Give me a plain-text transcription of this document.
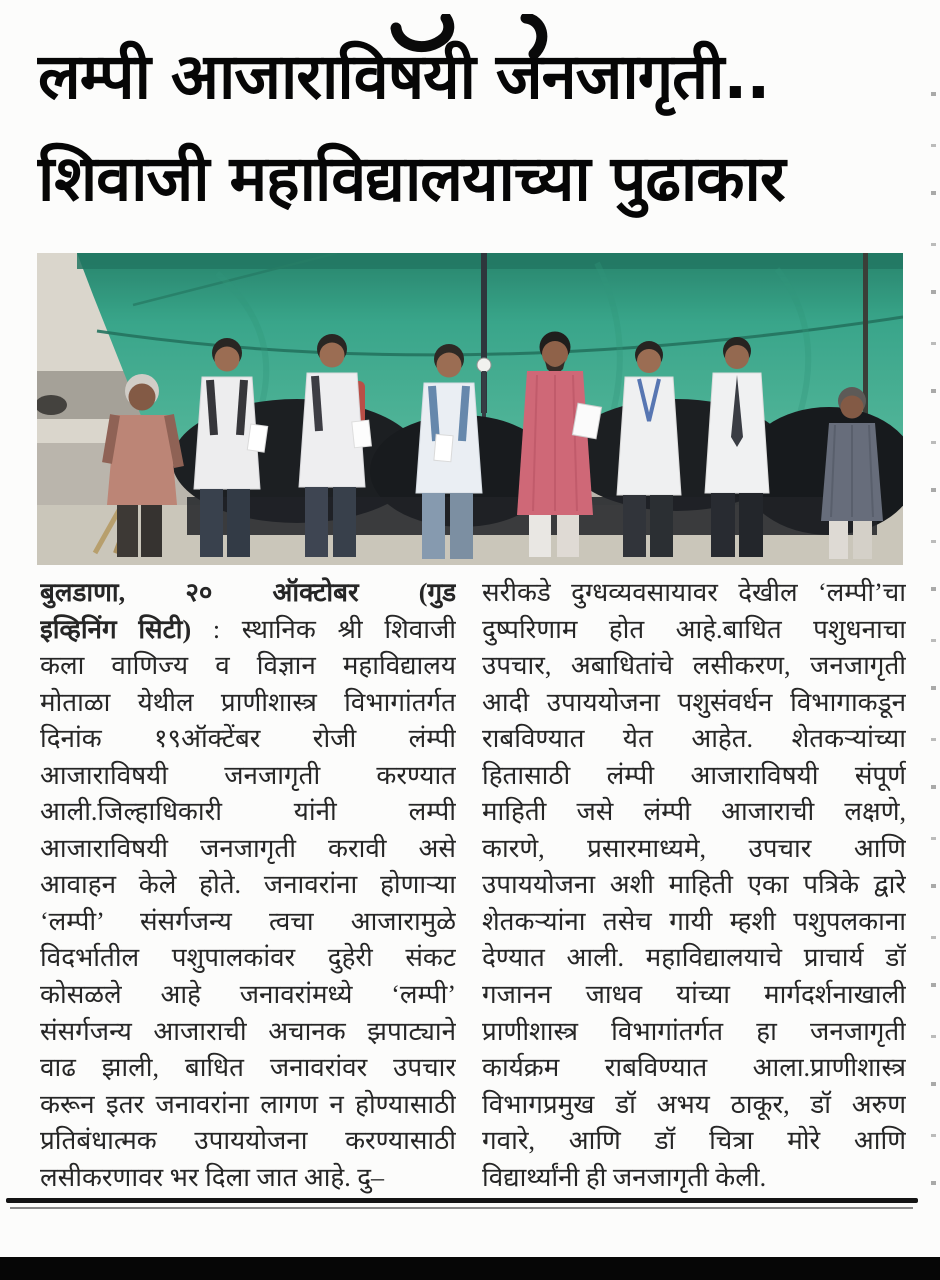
लम्पी आजाराविषयी जनजागृती..
शिवाजी महाविद्यालयाच्या पुढाकार
बुलडाणा, २० ऑक्टोबर (गुड
इव्हिनिंग सिटी) : स्थानिक श्री शिवाजी
कला वाणिज्य व विज्ञान महाविद्यालय
मोताळा येथील प्राणीशास्त्र विभागांतर्गत
दिनांक १९ऑक्टेंबर रोजी लंम्पी
आजाराविषयी जनजागृती करण्यात
आली.जिल्हाधिकारी यांनी लम्पी
आजाराविषयी जनजागृती करावी असे
आवाहन केले होते. जनावरांना होणाऱ्या
‘लम्पी’ संसर्गजन्य त्वचा आजारामुळे
विदर्भातील पशुपालकांवर दुहेरी संकट
कोसळले आहे जनावरांमध्ये ‘लम्पी’
संसर्गजन्य आजाराची अचानक झपाट्याने
वाढ झाली, बाधित जनावरांवर उपचार
करून इतर जनावरांना लागण न होण्यासाठी
प्रतिबंधात्मक उपाययोजना करण्यासाठी
लसीकरणावर भर दिला जात आहे. दु–
सरीकडे दुग्धव्यवसायावर देखील ‘लम्पी’चा
दुष्परिणाम होत आहे.बाधित पशुधनाचा
उपचार, अबाधितांचे लसीकरण, जनजागृती
आदी उपाययोजना पशुसंवर्धन विभागाकडून
राबविण्यात येत आहेत. शेतकऱ्यांच्या
हितासाठी लंम्पी आजाराविषयी संपूर्ण
माहिती जसे लंम्पी आजाराची लक्षणे,
कारणे, प्रसारमाध्यमे, उपचार आणि
उपाययोजना अशी माहिती एका पत्रिके द्वारे
शेतकऱ्यांना तसेच गायी म्हशी पशुपलकाना
देण्यात आली. महाविद्यालयाचे प्राचार्य डॉ
गजानन जाधव यांच्या मार्गदर्शनाखाली
प्राणीशास्त्र विभागांतर्गत हा जनजागृती
कार्यक्रम राबविण्यात आला.प्राणीशास्त्र
विभागप्रमुख डॉ अभय ठाकूर, डॉ अरुण
गवारे, आणि डॉ चित्रा मोरे आणि
विद्यार्थ्यांनी ही जनजागृती केली.
